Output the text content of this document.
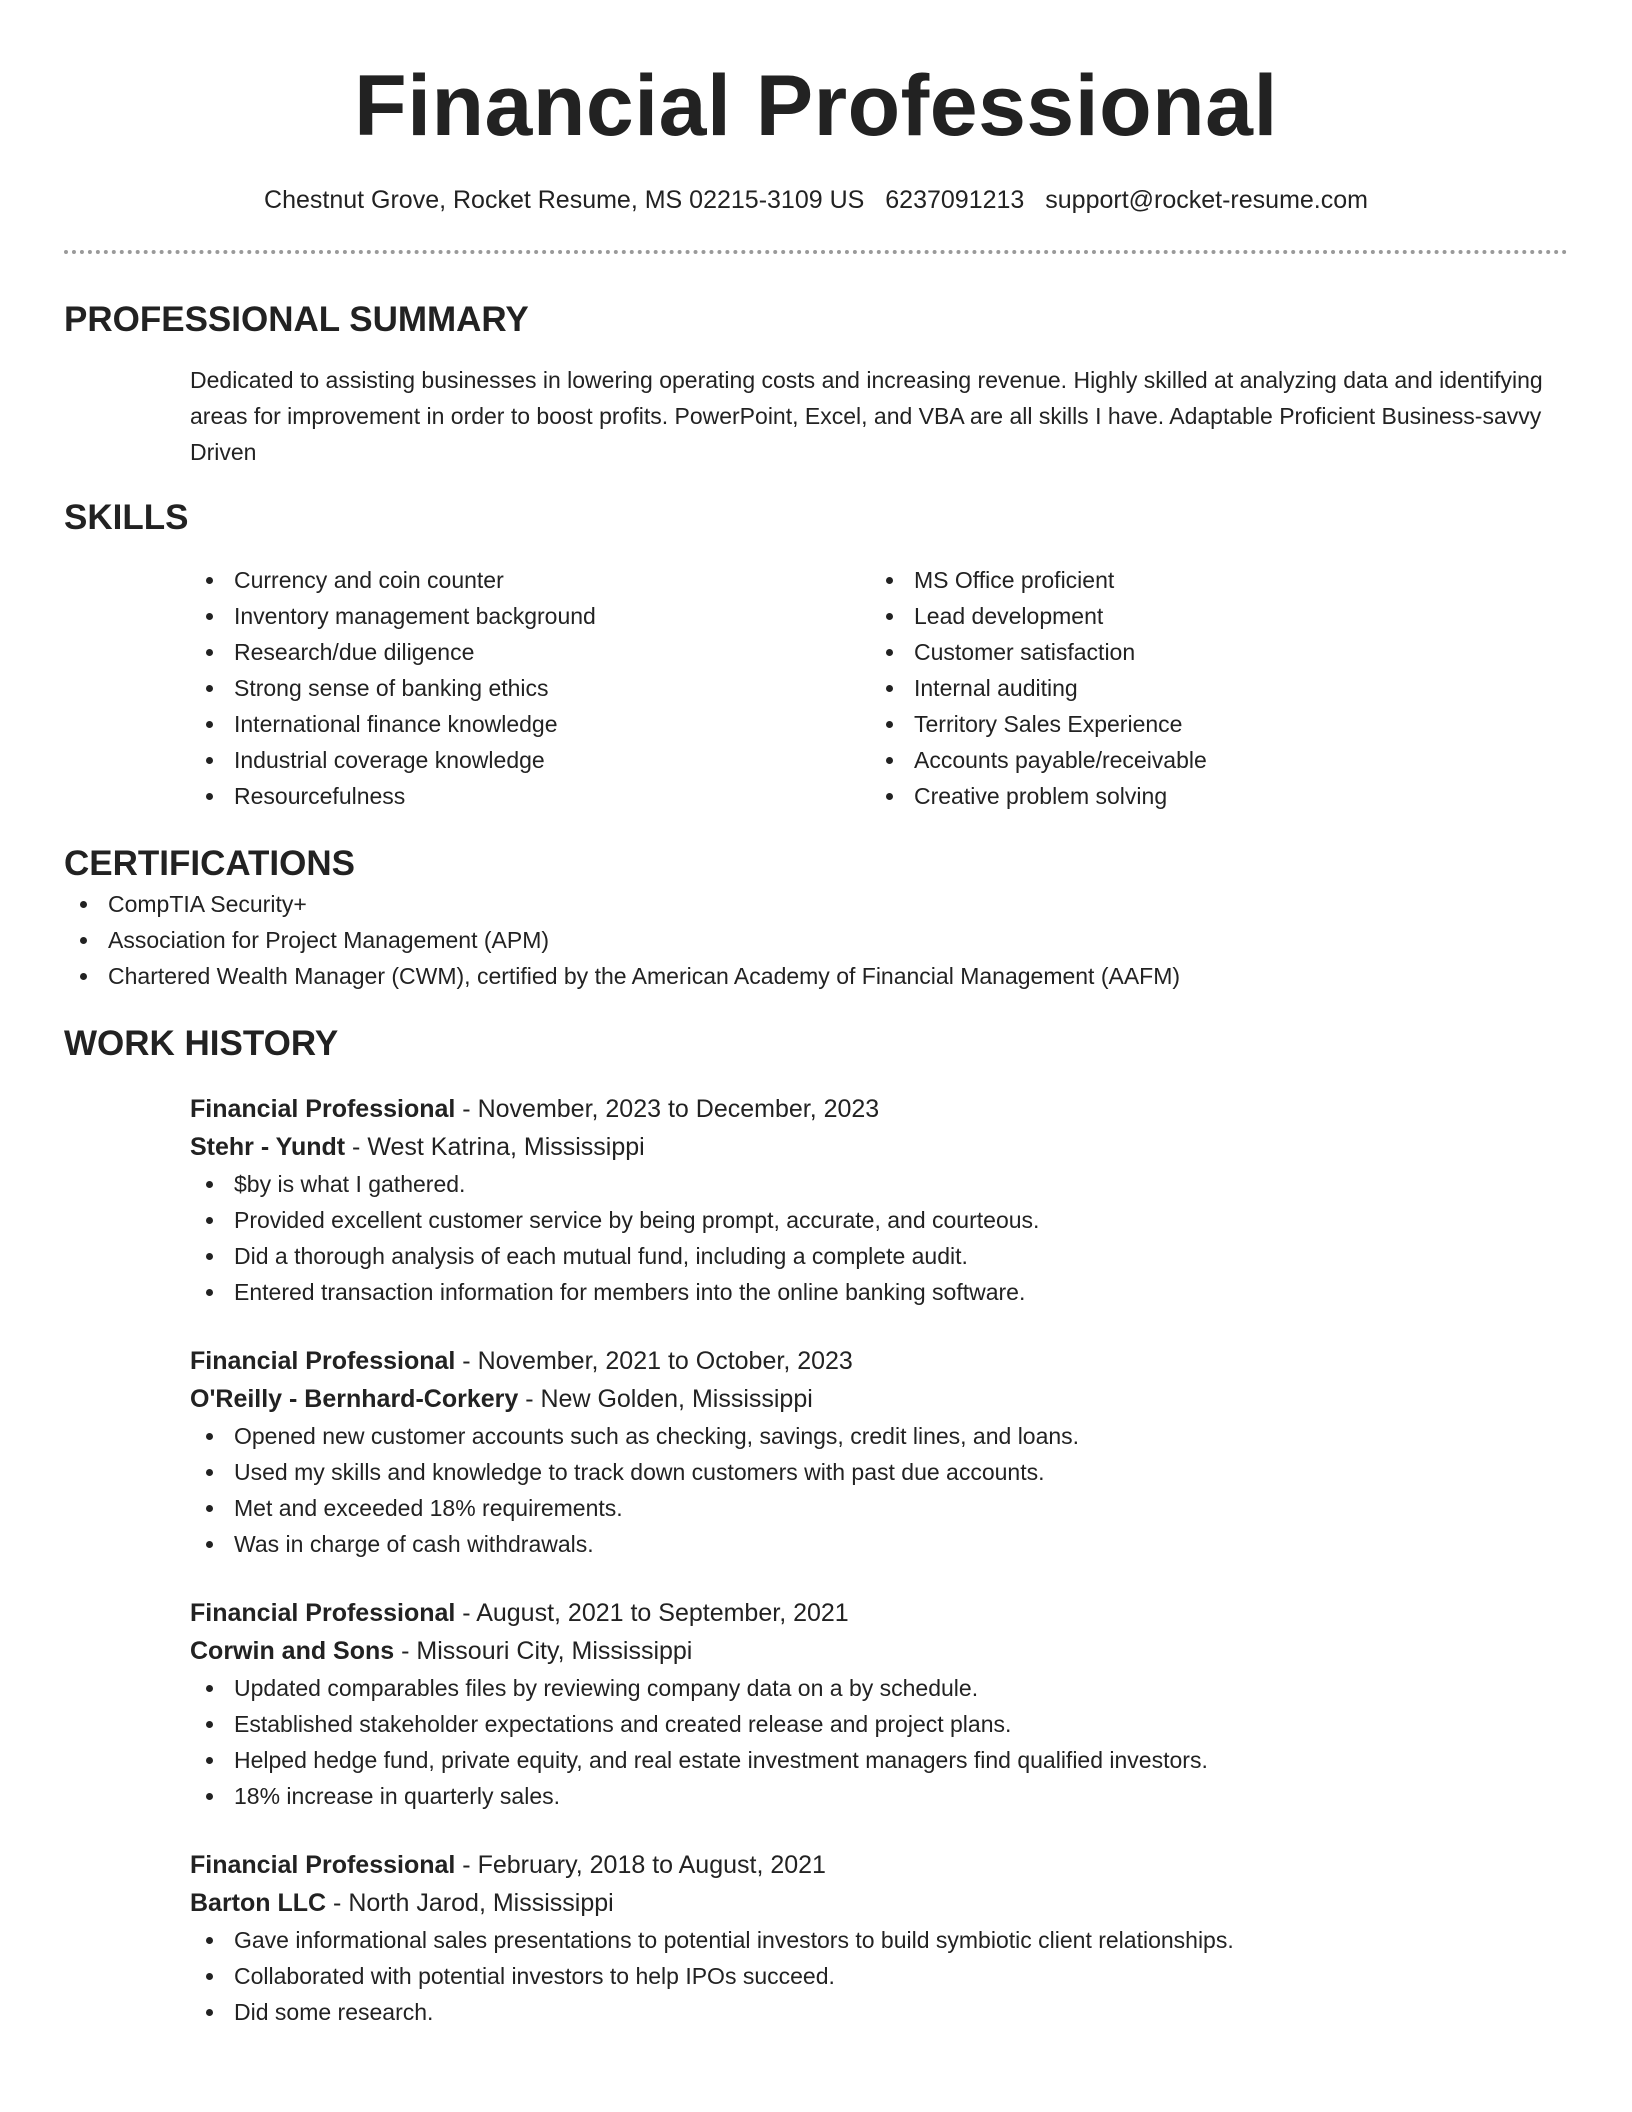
Financial Professional
Chestnut Grove, Rocket Resume, MS 02215-3109 US 6237091213 support@rocket-resume.com
PROFESSIONAL SUMMARY

Dedicated to assisting businesses in lowering operating costs and increasing revenue. Highly skilled at analyzing data and identifying areas for improvement in order to boost profits. PowerPoint, Excel, and VBA are all skills I have. Adaptable Proficient Business-savvy Driven

SKILLS
Currency and coin counter
Inventory management background
Research/due diligence
Strong sense of banking ethics
International finance knowledge
Industrial coverage knowledge
Resourcefulness
MS Office proficient
Lead development
Customer satisfaction
Internal auditing
Territory Sales Experience
Accounts payable/receivable
Creative problem solving
CERTIFICATIONS
CompTIA Security+
Association for Project Management (APM)
Chartered Wealth Manager (CWM), certified by the American Academy of Financial Management (AAFM)
WORK HISTORY
Financial Professional - November, 2023 to December, 2023
Stehr - Yundt - West Katrina, Mississippi
$by is what I gathered.
Provided excellent customer service by being prompt, accurate, and courteous.
Did a thorough analysis of each mutual fund, including a complete audit.
Entered transaction information for members into the online banking software.
Financial Professional - November, 2021 to October, 2023
O'Reilly - Bernhard-Corkery - New Golden, Mississippi
Opened new customer accounts such as checking, savings, credit lines, and loans.
Used my skills and knowledge to track down customers with past due accounts.
Met and exceeded 18% requirements.
Was in charge of cash withdrawals.
Financial Professional - August, 2021 to September, 2021
Corwin and Sons - Missouri City, Mississippi
Updated comparables files by reviewing company data on a by schedule.
Established stakeholder expectations and created release and project plans.
Helped hedge fund, private equity, and real estate investment managers find qualified investors.
18% increase in quarterly sales.
Financial Professional - February, 2018 to August, 2021
Barton LLC - North Jarod, Mississippi
Gave informational sales presentations to potential investors to build symbiotic client relationships.
Collaborated with potential investors to help IPOs succeed.
Did some research.
